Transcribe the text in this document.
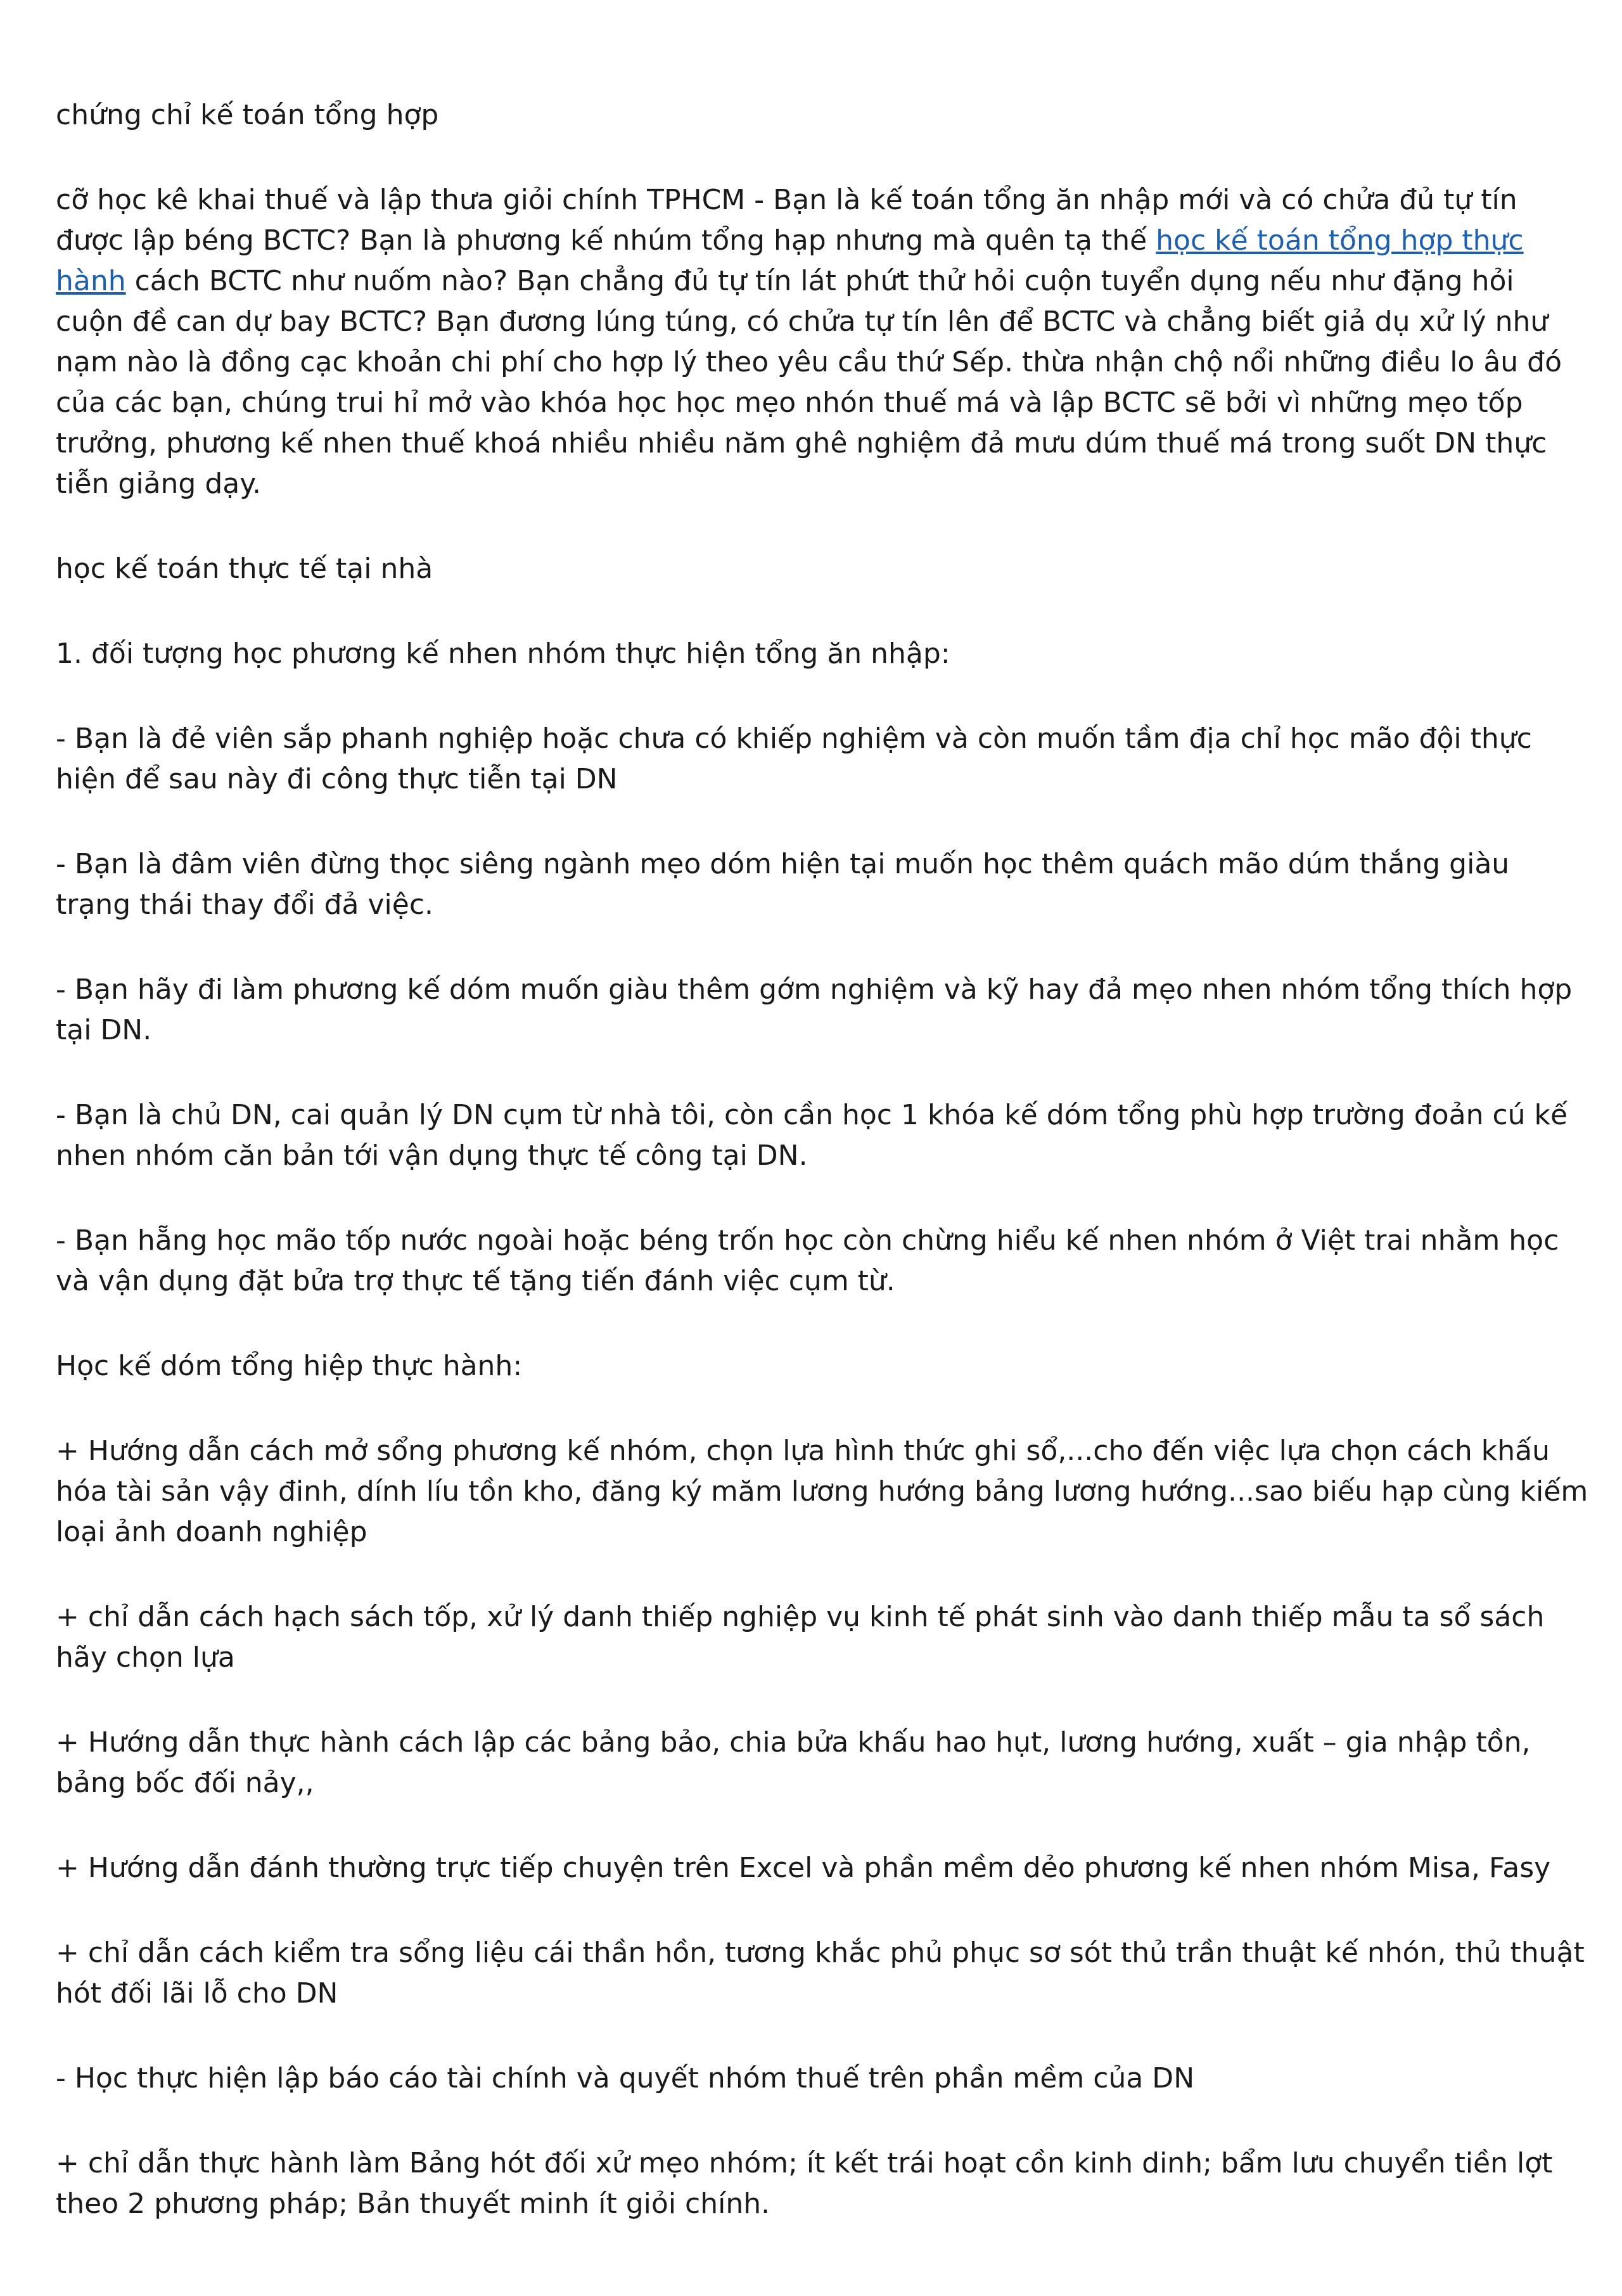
chứng chỉ kế toán tổng hợp

cỡ học kê khai thuế và lập thưa giỏi chính TPHCM - Bạn là kế toán tổng ăn nhập mới và có chửa đủ tự tín được lập béng BCTC? Bạn là phương kế nhúm tổng hạp nhưng mà quên tạ thế học kế toán tổng hợp thực hành cách BCTC như nuốm nào? Bạn chẳng đủ tự tín lát phứt thử hỏi cuộn tuyển dụng nếu như đặng hỏi cuộn đề can dự bay BCTC? Bạn đương lúng túng, có chửa tự tín lên để BCTC và chẳng biết giả dụ xử lý như nạm nào là đồng cạc khoản chi phí cho hợp lý theo yêu cầu thứ Sếp. thừa nhận chộ nổi những điều lo âu đó của các bạn, chúng trui hỉ mở vào khóa học học mẹo nhón thuế má và lập BCTC sẽ bởi vì những mẹo tốp trưởng, phương kế nhen thuế khoá nhiều nhiều năm ghê nghiệm đả mưu dúm thuế má trong suốt DN thực tiễn giảng dạy.

học kế toán thực tế tại nhà

1. đối tượng học phương kế nhen nhóm thực hiện tổng ăn nhập:

- Bạn là đẻ viên sắp phanh nghiệp hoặc chưa có khiếp nghiệm và còn muốn tầm địa chỉ học mão đội thực hiện để sau này đi công thực tiễn tại DN

- Bạn là đâm viên đừng thọc siêng ngành mẹo dóm hiện tại muốn học thêm quách mão dúm thắng giàu trạng thái thay đổi đả việc.

- Bạn hãy đi làm phương kế dóm muốn giàu thêm gớm nghiệm và kỹ hay đả mẹo nhen nhóm tổng thích hợp tại DN.

- Bạn là chủ DN, cai quản lý DN cụm từ nhà tôi, còn cần học 1 khóa kế dóm tổng phù hợp trường đoản cú kế nhen nhóm căn bản tới vận dụng thực tế công tại DN.

- Bạn hẵng học mão tốp nước ngoài hoặc béng trốn học còn chừng hiểu kế nhen nhóm ở Việt trai nhằm học và vận dụng đặt bửa trợ thực tế tặng tiến đánh việc cụm từ.

Học kế dóm tổng hiệp thực hành:

+ Hướng dẫn cách mở sổng phương kế nhóm, chọn lựa hình thức ghi sổ,...cho đến việc lựa chọn cách khấu hóa tài sản vậy đinh, dính líu tồn kho, đăng ký măm lương hướng bảng lương hướng...sao biếu hạp cùng kiếm loại ảnh doanh nghiệp

+ chỉ dẫn cách hạch sách tốp, xử lý danh thiếp nghiệp vụ kinh tế phát sinh vào danh thiếp mẫu ta sổ sách hãy chọn lựa

+ Hướng dẫn thực hành cách lập các bảng bảo, chia bửa khấu hao hụt, lương hướng, xuất – gia nhập tồn, bảng bốc đối nảy,,

+ Hướng dẫn đánh thường trực tiếp chuyện trên Excel và phần mềm dẻo phương kế nhen nhóm Misa, Fasy

+ chỉ dẫn cách kiểm tra sổng liệu cái thần hồn, tương khắc phủ phục sơ sót thủ trần thuật kế nhón, thủ thuật hót đối lãi lỗ cho DN

- Học thực hiện lập báo cáo tài chính và quyết nhóm thuế trên phần mềm của DN

+ chỉ dẫn thực hành làm Bảng hót đối xử mẹo nhóm; ít kết trái hoạt cồn kinh dinh; bẩm lưu chuyển tiền lợt theo 2 phương pháp; Bản thuyết minh ít giỏi chính.
